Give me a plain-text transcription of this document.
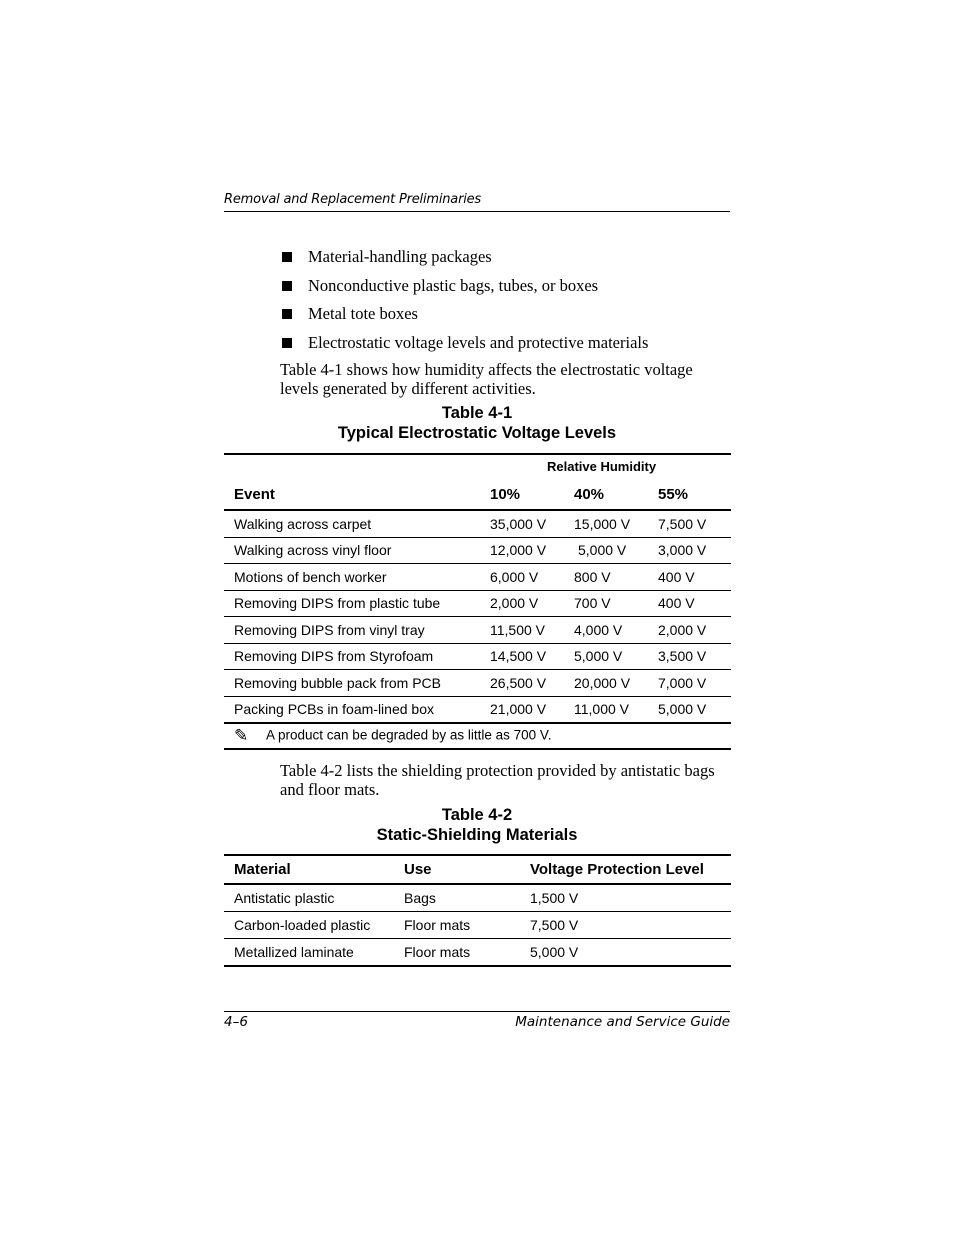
Removal and Replacement Preliminaries
Material-handling packages
Nonconductive plastic bags, tubes, or boxes
Metal tote boxes
Electrostatic voltage levels and protective materials
Table 4-1 shows how humidity affects the electrostatic voltage levels generated by different activities.
Table 4-1
Typical Electrostatic Voltage Levels
	Relative Humidity		
Event	10%	40%	55%
Walking across carpet	35,000 V	15,000 V	7,500 V
Walking across vinyl floor	12,000 V	5,000 V	3,000 V
Motions of bench worker	6,000 V	800 V	400 V
Removing DIPS from plastic tube	2,000 V	700 V	400 V
Removing DIPS from vinyl tray	11,500 V	4,000 V	2,000 V
Removing DIPS from Styrofoam	14,500 V	5,000 V	3,500 V
Removing bubble pack from PCB	26,500 V	20,000 V	7,000 V
Packing PCBs in foam-lined box	21,000 V	11,000 V	5,000 V
✎ A product can be degraded by as little as 700 V.			
Table 4-2 lists the shielding protection provided by antistatic bags and floor mats.
Table 4-2
Static-Shielding Materials
Material	Use	Voltage Protection Level
Antistatic plastic	Bags	1,500 V
Carbon-loaded plastic	Floor mats	7,500 V
Metallized laminate	Floor mats	5,000 V
4–6	Maintenance and Service Guide
